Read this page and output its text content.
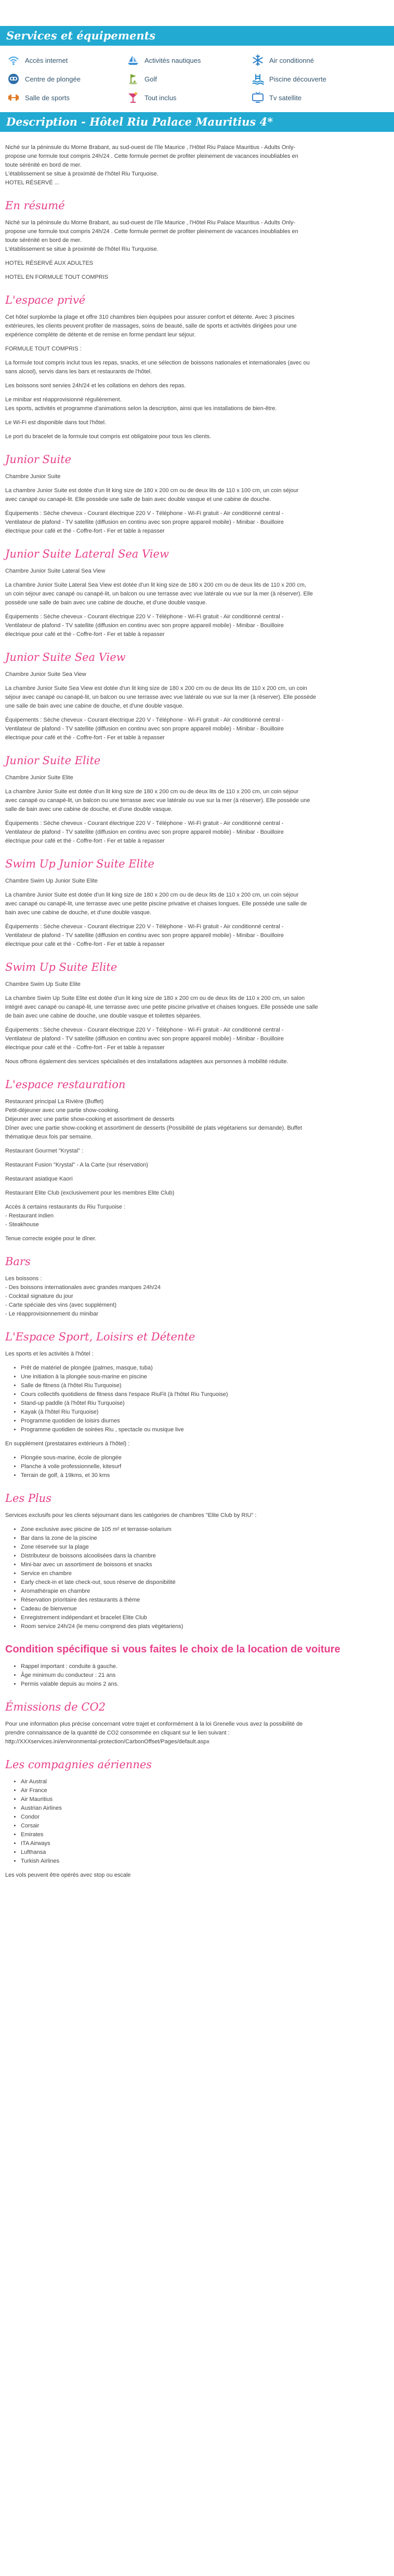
Services et équipements
Accès internet	Activités nautiques	Air conditionné
Centre de plongée	Golf	Piscine découverte
Salle de sports	Tout inclus	Tv satellite
Description - Hôtel Riu Palace Mauritius 4*

Niché sur la péninsule du Morne Brabant, au sud-ouest de l'île Maurice , l'Hôtel Riu Palace Mauritius - Adults Only-
propose une formule tout compris 24h/24 . Cette formule permet de profiter pleinement de vacances inoubliables en
toute sérénité en bord de mer.
L'établissement se situe à proximité de l'hôtel Riu Turquoise.
HOTEL RÉSERVÉ ...

En résumé

Niché sur la péninsule du Morne Brabant, au sud-ouest de l'île Maurice , l'Hôtel Riu Palace Mauritius - Adults Only-
propose une formule tout compris 24h/24 . Cette formule permet de profiter pleinement de vacances inoubliables en
toute sérénité en bord de mer.
L'établissement se situe à proximité de l'hôtel Riu Turquoise.

HOTEL RÉSERVÉ AUX ADULTES

HOTEL EN FORMULE TOUT COMPRIS

L'espace privé

Cet hôtel surplombe la plage et offre 310 chambres bien équipées pour assurer confort et détente. Avec 3 piscines
extérieures, les clients peuvent profiter de massages, soins de beauté, salle de sports et activités dirigées pour une
expérience complète de détente et de remise en forme pendant leur séjour.

FORMULE TOUT COMPRIS :

La formule tout compris inclut tous les repas, snacks, et une sélection de boissons nationales et internationales (avec ou
sans alcool), servis dans les bars et restaurants de l'hôtel.

Les boissons sont servies 24h/24 et les collations en dehors des repas.

Le minibar est réapprovisionné régulièrement.
Les sports, activités et programme d'animations selon la description, ainsi que les installations de bien-être.

Le Wi-Fi est disponible dans tout l'hôtel.

Le port du bracelet de la formule tout compris est obligatoire pour tous les clients.

Junior Suite

Chambre Junior Suite

La chambre Junior Suite est dotée d'un lit king size de 180 x 200 cm ou de deux lits de 110 x 100 cm, un coin séjour
avec canapé ou canapé-lit. Elle possède une salle de bain avec double vasque et une cabine de douche.

Équipements : Sèche cheveux - Courant électrique 220 V - Téléphone - Wi-Fi gratuit - Air conditionné central -
Ventilateur de plafond - TV satellite (diffusion en continu avec son propre appareil mobile) - Minibar - Bouilloire
électrique pour café et thé - Coffre-fort - Fer et table à repasser

Junior Suite Lateral Sea View

Chambre Junior Suite Lateral Sea View

La chambre Junior Suite Lateral Sea View est dotée d'un lit king size de 180 x 200 cm ou de deux lits de 110 x 200 cm,
un coin séjour avec canapé ou canapé-lit, un balcon ou une terrasse avec vue latérale ou vue sur la mer (à réserver). Elle
possède une salle de bain avec une cabine de douche, et d'une double vasque.

Équipements : Sèche cheveux - Courant électrique 220 V - Téléphone - Wi-Fi gratuit - Air conditionné central -
Ventilateur de plafond - TV satellite (diffusion en continu avec son propre appareil mobile) - Minibar - Bouilloire
électrique pour café et thé - Coffre-fort - Fer et table à repasser

Junior Suite Sea View

Chambre Junior Suite Sea View

La chambre Junior Suite Sea View est dotée d'un lit king size de 180 x 200 cm ou de deux lits de 110 x 200 cm, un coin
séjour avec canapé ou canapé-lit, un balcon ou une terrasse avec vue latérale ou vue sur la mer (à réserver). Elle possède
une salle de bain avec une cabine de douche, et d'une double vasque.

Équipements : Sèche cheveux - Courant électrique 220 V - Téléphone - Wi-Fi gratuit - Air conditionné central -
Ventilateur de plafond - TV satellite (diffusion en continu avec son propre appareil mobile) - Minibar - Bouilloire
électrique pour café et thé - Coffre-fort - Fer et table à repasser

Junior Suite Elite

Chambre Junior Suite Elite

La chambre Junior Suite est dotée d'un lit king size de 180 x 200 cm ou de deux lits de 110 x 200 cm, un coin séjour
avec canapé ou canapé-lit, un balcon ou une terrasse avec vue latérale ou vue sur la mer (à réserver). Elle possède une
salle de bain avec une cabine de douche, et d'une double vasque.

Équipements : Sèche cheveux - Courant électrique 220 V - Téléphone - Wi-Fi gratuit - Air conditionné central -
Ventilateur de plafond - TV satellite (diffusion en continu avec son propre appareil mobile) - Minibar - Bouilloire
électrique pour café et thé - Coffre-fort - Fer et table à repasser

Swim Up Junior Suite Elite

Chambre Swim Up Junior Suite Elite

La chambre Junior Suite est dotée d'un lit king size de 180 x 200 cm ou de deux lits de 110 x 200 cm, un coin séjour
avec canapé ou canapé-lit, une terrasse avec une petite piscine privative et chaises longues. Elle possède une salle de
bain avec une cabine de douche, et d'une double vasque.

Équipements : Sèche cheveux - Courant électrique 220 V - Téléphone - Wi-Fi gratuit - Air conditionné central -
Ventilateur de plafond - TV satellite (diffusion en continu avec son propre appareil mobile) - Minibar - Bouilloire
électrique pour café et thé - Coffre-fort - Fer et table à repasser

Swim Up Suite Elite

Chambre Swim Up Suite Elite

La chambre Swim Up Suite Elite est dotée d'un lit king size de 180 x 200 cm ou de deux lits de 110 x 200 cm, un salon
intégré avec canapé ou canapé-lit, une terrasse avec une petite piscine privative et chaises longues. Elle possède une salle
de bain avec une cabine de douche, une double vasque et toilettes séparées.

Équipements : Sèche cheveux - Courant électrique 220 V - Téléphone - Wi-Fi gratuit - Air conditionné central -
Ventilateur de plafond - TV satellite (diffusion en continu avec son propre appareil mobile) - Minibar - Bouilloire
électrique pour café et thé - Coffre-fort - Fer et table à repasser

Nous offrons également des services spécialisés et des installations adaptées aux personnes à mobilité réduite.

L'espace restauration

Restaurant principal La Rivière (Buffet)
Petit-déjeuner avec une partie show-cooking.
Déjeuner avec une partie show-cooking et assortiment de desserts
Dîner avec une partie show-cooking et assortiment de desserts (Possibilité de plats végétariens sur demande). Buffet
thématique deux fois par semaine.

Restaurant Gourmet "Krystal" :

Restaurant Fusion "Krystal" - A la Carte (sur réservation)

Restaurant asiatique Kaori

Restaurant Elite Club (exclusivement pour les membres Elite Club)

Accès à certains restaurants du Riu Turquoise :
- Restaurant indien
- Steakhouse

Tenue correcte exigée pour le dîner.

Bars

Les boissons :
- Des boissons internationales avec grandes marques 24h/24
- Cocktail signature du jour
- Carte spéciale des vins (avec supplément)
- Le réapprovisionnement du minibar

L'Espace Sport, Loisirs et Détente

Les sports et les activités à l'hôtel :

• Prêt de matériel de plongée (palmes, masque, tuba)
• Une initiation à la plongée sous-marine en piscine
• Salle de fitness (à l'hôtel Riu Turquoise)
• Cours collectifs quotidiens de fitness dans l'espace RiuFit (à l'hôtel Riu Turquoise)
• Stand-up paddle (à l'hôtel Riu Turquoise)
• Kayak (à l'hôtel Riu Turquoise)
• Programme quotidien de loisirs diurnes
• Programme quotidien de soirées Riu , spectacle ou musique live

En supplément (prestataires extérieurs à l'hôtel) :

• Plongée sous-marine, école de plongée
• Planche à voile professionnelle, kitesurf
• Terrain de golf, à 19kms, et 30 kms
Les Plus

Services exclusifs pour les clients séjournant dans les catégories de chambres "Elite Club by RIU" :

• Zone exclusive avec piscine de 105 m² et terrasse-solarium
• Bar dans la zone de la piscine
• Zone réservée sur la plage
• Distributeur de boissons alcoolisées dans la chambre
• Mini-bar avec un assortiment de boissons et snacks
• Service en chambre
• Early check-in et late check-out, sous réserve de disponibilité
• Aromathérapie en chambre
• Réservation prioritaire des restaurants à thème
• Cadeau de bienvenue
• Enregistrement indépendant et bracelet Elite Club
• Room service 24h/24 (le menu comprend des plats végétariens)
Condition spécifique si vous faites le choix de la location de voiture
• Rappel important : conduite à gauche.
• Âge minimum du conducteur : 21 ans
• Permis valable depuis au moins 2 ans.
Émissions de CO2

Pour une information plus précise concernant votre trajet et conformément à la loi Grenelle vous avez la possibilité de
prendre connaissance de la quantité de CO2 consommée en cliquant sur le lien suivant :
http://XXXservices.ini/environmental-protection/CarbonOffset/Pages/default.aspx

Les compagnies aériennes
• Air Austral
• Air France
• Air Mauritius
• Austrian Airlines
• Condor
• Corsair
• Emirates
• ITA Airways
• Lufthansa
• Turkish Airlines

Les vols peuvent être opérés avec stop ou escale
